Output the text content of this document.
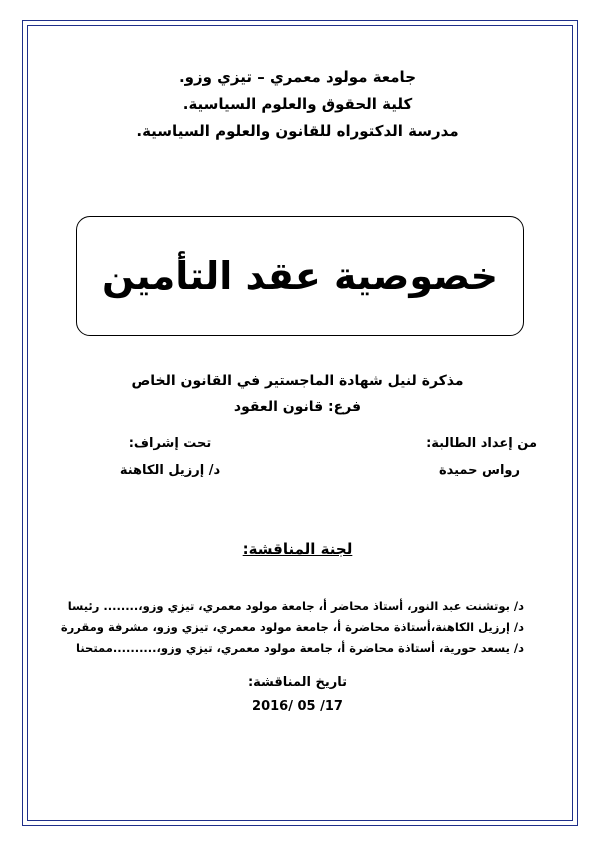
جامعة مولود معمري – تيزي وزو.
كلية الحقوق والعلوم السياسية.
مدرسة الدكتوراه للقانون والعلوم السياسية.
خصوصية عقد التأمين
مذكرة لنيل شهادة الماجستير في القانون الخاص
فرع: قانون العقود
من إعداد الطالبة:
رواس حميدة
تحت إشراف:
د/ إرزيل الكاهنة
لجنة المناقشة:
د/ بوتشنت عبد النور، أستاذ محاضر أ، جامعة مولود معمري، تيزي وزو،........ رئيسا
د/ إرزيل الكاهنة،أستاذة محاضرة أ، جامعة مولود معمري، تيزي وزو، مشرفة ومقررة
د/ يسعد حورية، أستاذة محاضرة أ، جامعة مولود معمري، تيزي وزو،..........ممتحنا
تاريخ المناقشة:
2016/ 05 /17
